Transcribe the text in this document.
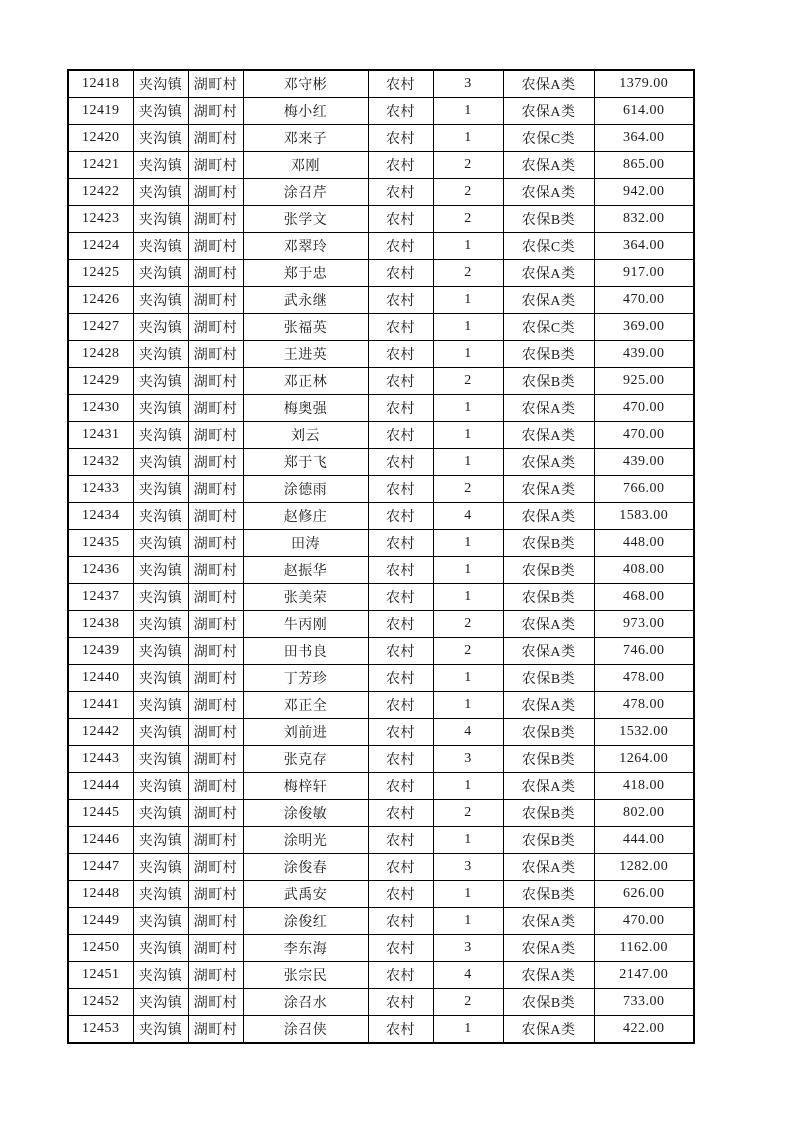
12418	夹沟镇	湖町村	邓守彬	农村	3	农保A类	1379.00
12419	夹沟镇	湖町村	梅小红	农村	1	农保A类	614.00
12420	夹沟镇	湖町村	邓来子	农村	1	农保C类	364.00
12421	夹沟镇	湖町村	邓刚	农村	2	农保A类	865.00
12422	夹沟镇	湖町村	涂召芹	农村	2	农保A类	942.00
12423	夹沟镇	湖町村	张学文	农村	2	农保B类	832.00
12424	夹沟镇	湖町村	邓翠玲	农村	1	农保C类	364.00
12425	夹沟镇	湖町村	郑于忠	农村	2	农保A类	917.00
12426	夹沟镇	湖町村	武永继	农村	1	农保A类	470.00
12427	夹沟镇	湖町村	张福英	农村	1	农保C类	369.00
12428	夹沟镇	湖町村	王进英	农村	1	农保B类	439.00
12429	夹沟镇	湖町村	邓正林	农村	2	农保B类	925.00
12430	夹沟镇	湖町村	梅奥强	农村	1	农保A类	470.00
12431	夹沟镇	湖町村	刘云	农村	1	农保A类	470.00
12432	夹沟镇	湖町村	郑于飞	农村	1	农保A类	439.00
12433	夹沟镇	湖町村	涂德雨	农村	2	农保A类	766.00
12434	夹沟镇	湖町村	赵修庄	农村	4	农保A类	1583.00
12435	夹沟镇	湖町村	田涛	农村	1	农保B类	448.00
12436	夹沟镇	湖町村	赵振华	农村	1	农保B类	408.00
12437	夹沟镇	湖町村	张美荣	农村	1	农保B类	468.00
12438	夹沟镇	湖町村	牛丙刚	农村	2	农保A类	973.00
12439	夹沟镇	湖町村	田书良	农村	2	农保A类	746.00
12440	夹沟镇	湖町村	丁芳珍	农村	1	农保B类	478.00
12441	夹沟镇	湖町村	邓正全	农村	1	农保A类	478.00
12442	夹沟镇	湖町村	刘前进	农村	4	农保B类	1532.00
12443	夹沟镇	湖町村	张克存	农村	3	农保B类	1264.00
12444	夹沟镇	湖町村	梅梓轩	农村	1	农保A类	418.00
12445	夹沟镇	湖町村	涂俊敏	农村	2	农保B类	802.00
12446	夹沟镇	湖町村	涂明光	农村	1	农保B类	444.00
12447	夹沟镇	湖町村	涂俊春	农村	3	农保A类	1282.00
12448	夹沟镇	湖町村	武禹安	农村	1	农保B类	626.00
12449	夹沟镇	湖町村	涂俊红	农村	1	农保A类	470.00
12450	夹沟镇	湖町村	李东海	农村	3	农保A类	1162.00
12451	夹沟镇	湖町村	张宗民	农村	4	农保A类	2147.00
12452	夹沟镇	湖町村	涂召水	农村	2	农保B类	733.00
12453	夹沟镇	湖町村	涂召侠	农村	1	农保A类	422.00
